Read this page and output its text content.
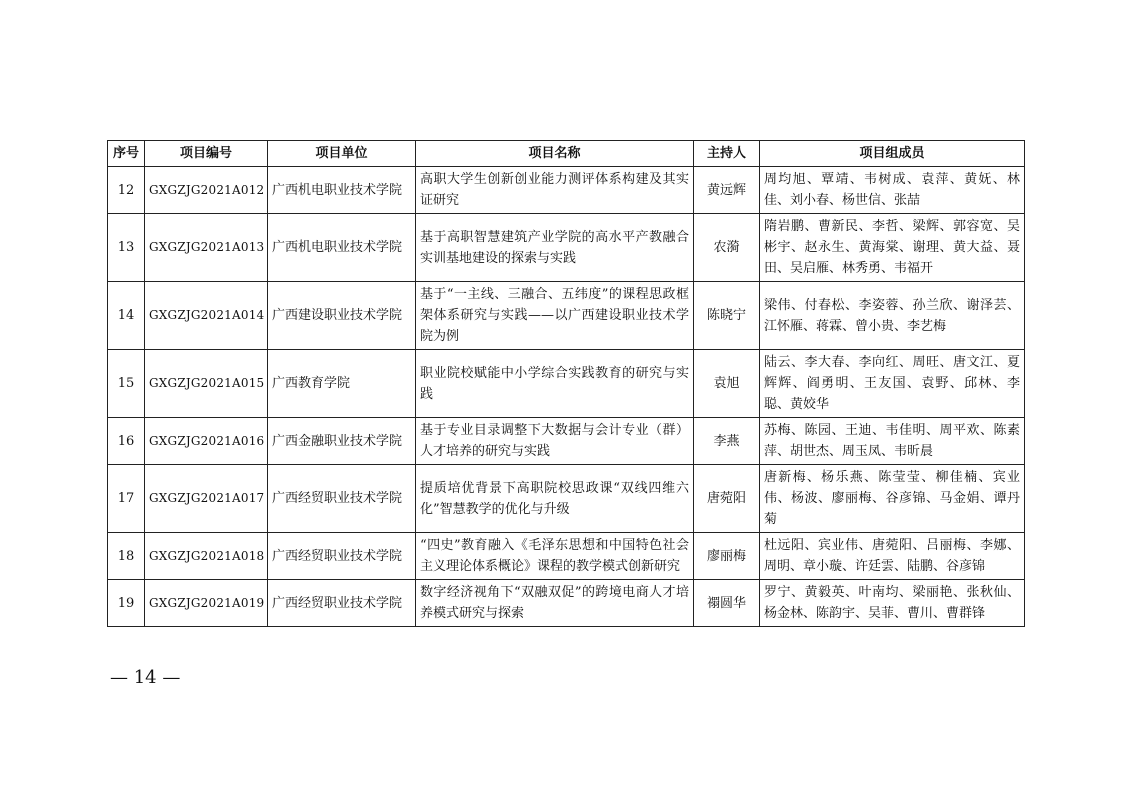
序号	项目编号	项目单位	项目名称	主持人	项目组成员
12	GXGZJG2021A012	广西机电职业技术学院	高职大学生创新创业能力测评体系构建及其实证研究	黄远辉	周均旭、覃靖、韦树成、袁萍、黄妩、林佳、刘小春、杨世信、张喆
13	GXGZJG2021A013	广西机电职业技术学院	基于高职智慧建筑产业学院的高水平产教融合实训基地建设的探索与实践	农漪	隋岩鹏、曹新民、李哲、梁辉、郭容宽、吴彬宇、赵永生、黄海棠、谢理、黄大益、聂田、吴启雁、林秀勇、韦福开
14	GXGZJG2021A014	广西建设职业技术学院	基于“一主线、三融合、五纬度”的课程思政框架体系研究与实践——以广西建设职业技术学院为例	陈晓宁	梁伟、付春松、李姿蓉、孙兰欣、谢泽芸、江怀雁、蒋霖、曾小贵、李艺梅
15	GXGZJG2021A015	广西教育学院	职业院校赋能中小学综合实践教育的研究与实践	袁旭	陆云、李大春、李向红、周旺、唐文江、夏辉辉、阎勇明、王友国、袁野、邱林、李聪、黄姣华
16	GXGZJG2021A016	广西金融职业技术学院	基于专业目录调整下大数据与会计专业（群）人才培养的研究与实践	李燕	苏梅、陈园、王迪、韦佳明、周平欢、陈素萍、胡世杰、周玉凤、韦昕晨
17	GXGZJG2021A017	广西经贸职业技术学院	提质培优背景下高职院校思政课“双线四维六化”智慧教学的优化与升级	唐菀阳	唐新梅、杨乐燕、陈莹莹、柳佳楠、宾业伟、杨波、廖丽梅、谷彦锦、马金娟、谭丹菊
18	GXGZJG2021A018	广西经贸职业技术学院	“四史”教育融入《毛泽东思想和中国特色社会主义理论体系概论》课程的教学模式创新研究	廖丽梅	杜远阳、宾业伟、唐菀阳、吕丽梅、李娜、周明、章小璇、许廷雲、陆鹏、谷彦锦
19	GXGZJG2021A019	广西经贸职业技术学院	数字经济视角下“双融双促”的跨境电商人才培养模式研究与探索	禤圆华	罗宁、黄毅英、叶南均、梁丽艳、张秋仙、杨金林、陈韵宇、吴菲、曹川、曹群锋
— 14 —
